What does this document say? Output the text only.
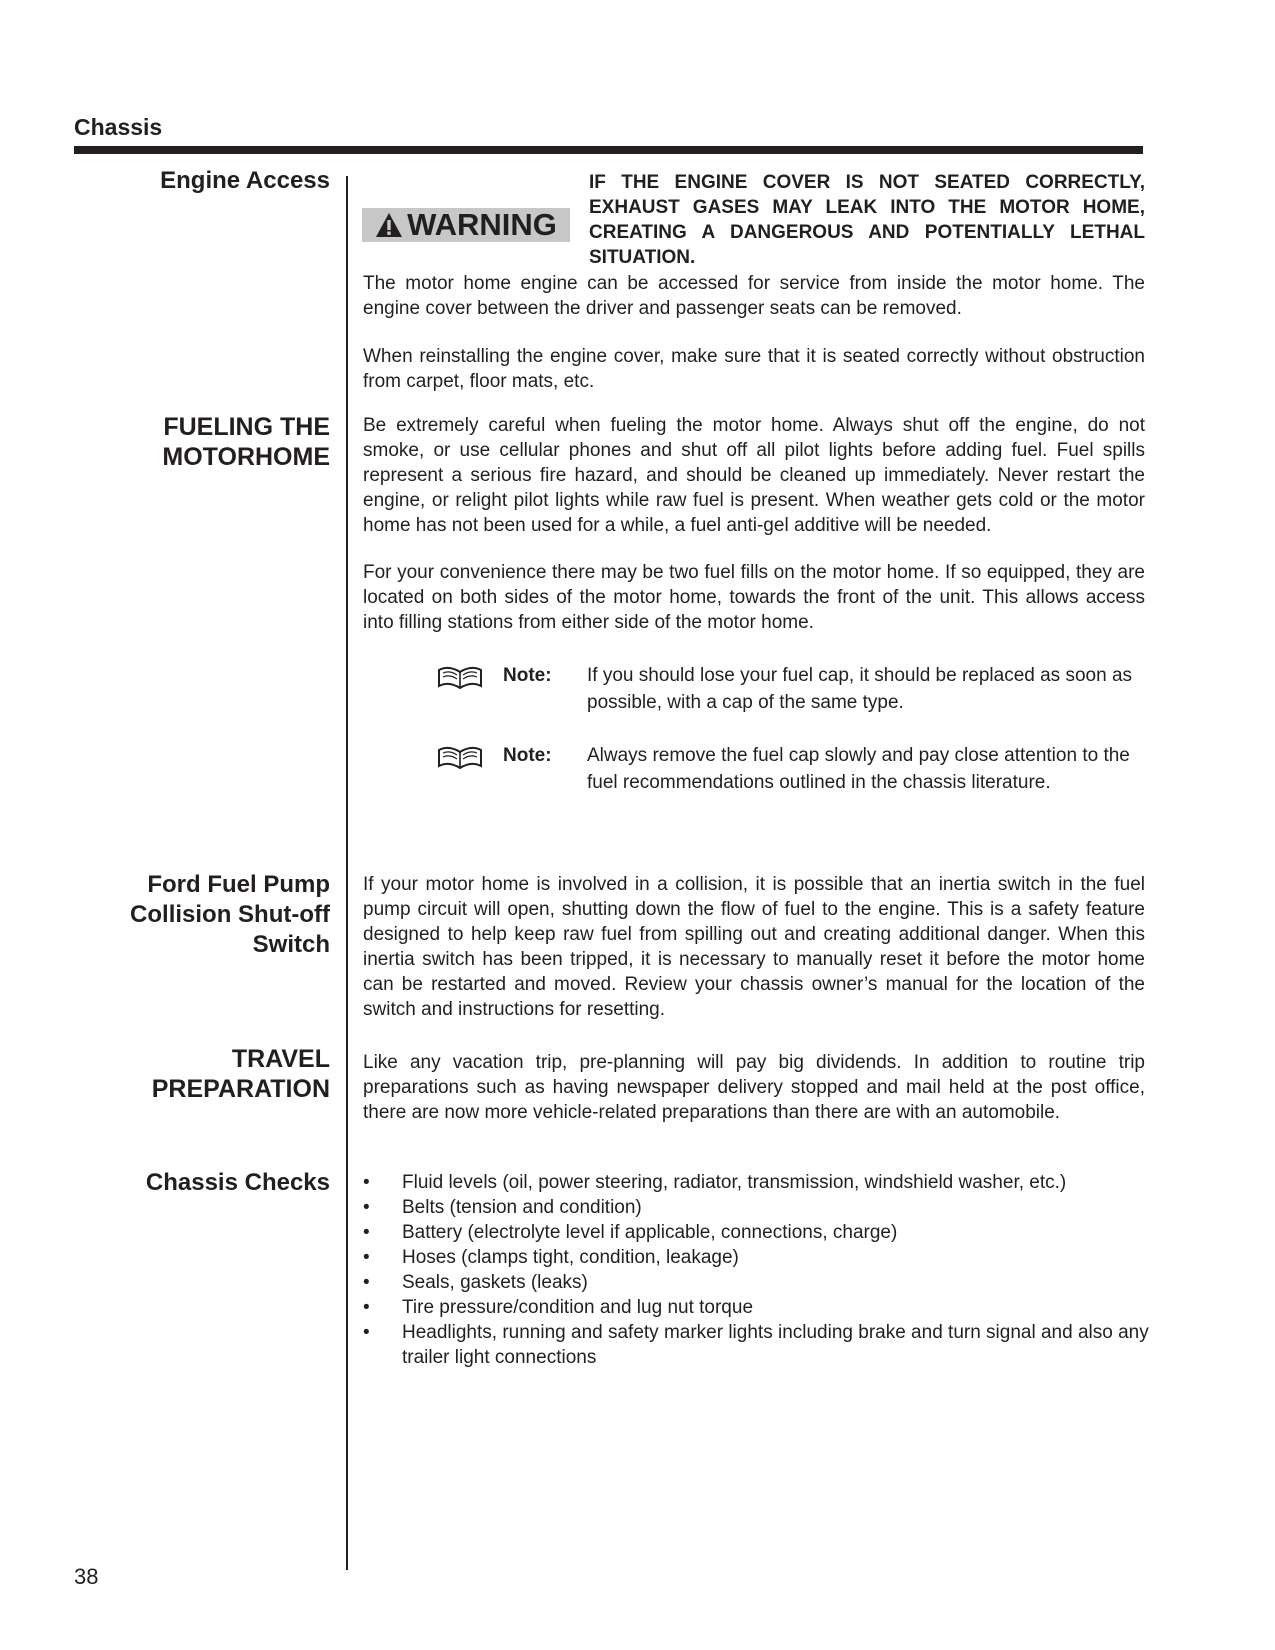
Chassis
Engine Access
WARNING

IF THE ENGINE COVER IS NOT SEATED CORRECTLY, EXHAUST GASES MAY LEAK INTO THE MOTOR HOME, CREATING A DANGEROUS AND POTENTIALLY LETHAL SITUATION.

The motor home engine can be accessed for service from inside the motor home. The engine cover between the driver and passenger seats can be removed.

When reinstalling the engine cover, make sure that it is seated correctly without obstruction from carpet, floor mats, etc.

FUELING THE
MOTORHOME

Be extremely careful when fueling the motor home. Always shut off the engine, do not smoke, or use cellular phones and shut off all pilot lights before adding fuel. Fuel spills represent a serious fire hazard, and should be cleaned up immediately. Never restart the engine, or relight pilot lights while raw fuel is present. When weather gets cold or the motor home has not been used for a while, a fuel anti-gel additive will be needed.

For your convenience there may be two fuel fills on the motor home. If so equipped, they are located on both sides of the motor home, towards the front of the unit. This allows access into filling stations from either side of the motor home.

Note: If you should lose your fuel cap, it should be replaced as soon as possible, with a cap of the same type.

Note: Always remove the fuel cap slowly and pay close attention to the fuel recommendations outlined in the chassis literature.

Ford Fuel Pump
Collision Shut-off
Switch

If your motor home is involved in a collision, it is possible that an inertia switch in the fuel pump circuit will open, shutting down the flow of fuel to the engine. This is a safety feature designed to help keep raw fuel from spilling out and creating additional danger. When this inertia switch has been tripped, it is necessary to manually reset it before the motor home can be restarted and moved. Review your chassis owner’s manual for the location of the switch and instructions for resetting.

TRAVEL
PREPARATION

Like any vacation trip, pre-planning will pay big dividends. In addition to routine trip preparations such as having newspaper delivery stopped and mail held at the post office, there are now more vehicle-related preparations than there are with an automobile.

Chassis Checks • Fluid levels (oil, power steering, radiator, transmission, windshield washer, etc.)
• Belts (tension and condition)
• Battery (electrolyte level if applicable, connections, charge)
• Hoses (clamps tight, condition, leakage)
• Seals, gaskets (leaks)
• Tire pressure/condition and lug nut torque
• Headlights, running and safety marker lights including brake and turn signal and also any trailer light connections
38
